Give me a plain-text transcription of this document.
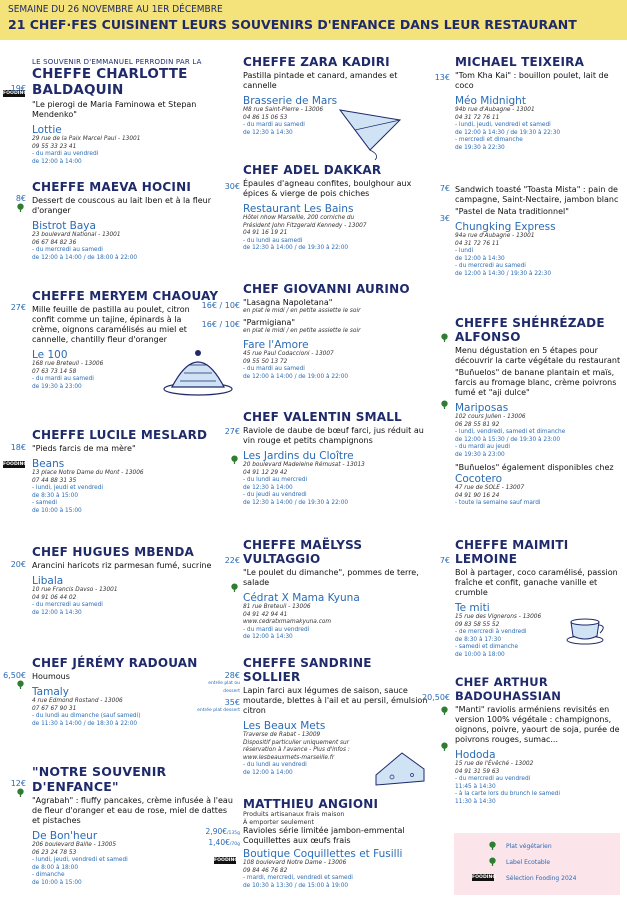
SEMAINE DU 26 NOVEMBRE AU 1ER DÉCEMBRE
21 CHEF·FES CUISINENT LEURS SOUVENIRS D'ENFANCE DANS LEUR RESTAURANT
FOODING
19€
LE SOUVENIR D'EMMANUEL PERRODIN PAR LA
CHEFFE CHARLOTTE BALDAQUIN
"Le pierogi de Maria Faminowa et Stepan Mendenko"
Lottie
29 rue de la Paix Marcel Paul - 13001
09 55 33 23 41
- du mardi au vendredi
de 12:00 à 14:00
8€
CHEFFE MAEVA HOCINI
Dessert de couscous au lait Iben et à la fleur d'oranger
Bistrot Baya
23 boulevard National - 13001
06 67 84 82 36
- du mercredi au samedi
de 12:00 à 14:00 / de 18:00 à 22:00
27€
CHEFFE MERYEM CHAOUAY
Mille feuille de pastilla au poulet, citron confit comme un tajine, épinards à la crème, oignons caramélisés au miel et cannelle, chantilly fleur d'oranger
Le 100
168 rue Breteuil - 13006
07 63 73 14 58
- du mardi au samedi
de 19:30 à 23:00
FOODING
18€
CHEFFE LUCILE MESLARD
"Pieds farcis de ma mère"
Beans
13 place Notre Dame du Mont - 13006
07 44 88 31 35
- lundi, jeudi et vendredi
de 8:30 à 15:00
- samedi
de 10:00 à 15:00
20€
CHEF HUGUES MBENDA
Arancini haricots riz parmesan fumé, sucrine
Libala
10 rue Francis Davso - 13001
04 91 06 44 02
- du mercredi au samedi
de 12:00 à 14:30
6,50€
CHEF JÉRÉMY RADOUAN
Houmous
Tamaly
4 rue Edmond Rostand - 13006
07 67 67 90 31
- du lundi au dimanche (sauf samedi)
de 11:30 à 14:00 / de 18:30 à 22:00
12€
"NOTRE SOUVENIR D'ENFANCE"
"Agrabah" : fluffy pancakes, crème infusée à l'eau de fleur d'oranger et eau de rose, miel de dattes et pistaches
De Bon'heur
206 boulevard Baille - 13005
06 23 24 78 53
- lundi, jeudi, vendredi et samedi
de 8:00 à 18:00
- dimanche
de 10:00 à 15:00
CHEFFE ZARA KADIRI
Pastilla pintade et canard, amandes et cannelle
Brasserie de Mars
M8 rue Saint-Pierre - 13006
04 86 15 06 53
- du mardi au samedi
de 12:30 à 14:30
30€
CHEF ADEL DAKKAR
Épaules d'agneau confites, boulghour aux épices & vierge de pois chiches
Restaurant Les Bains
Hôtel nhow Marseille, 200 corniche du
Président John Fitzgerald Kennedy - 13007
04 91 16 19 21
- du lundi au samedi
de 12:30 à 14:00 / de 19:30 à 22:00
16€ / 10€
16€ / 10€
CHEF GIOVANNI AURINO
"Lasagna Napoletana"
en plat le midi / en petite assiette le soir
"Parmigiana"
en plat le midi / en petite assiette le soir
Fare l'Amore
45 rue Paul Codaccioni - 13007
09 55 50 13 72
- du mardi au samedi
de 12:00 à 14:00 / de 19:00 à 22:00
27€
CHEF VALENTIN SMALL
Raviole de daube de bœuf farci, jus réduit au vin rouge et petits champignons
Les Jardins du Cloître
20 boulevard Madeleine Rémusat - 13013
04 91 12 29 42
- du lundi au mercredi
de 12:30 à 14:00
- du jeudi au vendredi
de 12:30 à 14:00 / de 19:30 à 22:00
22€
CHEFFE MAËLYSS VULTAGGIO
"Le poulet du dimanche", pommes de terre, salade
Cédrat X Mama Kyuna
81 rue Breteuil - 13006
04 91 42 94 41
www.cedratxmamakyuna.com
- du mardi au vendredi
de 12:00 à 14:30
28€
entrée plat ou dessert
35€
entrée plat dessert
CHEFFE SANDRINE SOLLIER
Lapin farci aux légumes de saison, sauce moutarde, blettes à l'ail et au persil, émulsion citron
Les Beaux Mets
Traverse de Rabat - 13009
Dispositif particulier uniquement sur
réservation à l'avance - Plus d'infos :
www.lesbeauxmets-marseille.fr
- du lundi au vendredi
de 12:00 à 14:00
2,90€/135g
1,40€/70g
FOODING
MATTHIEU ANGIONI
Produits artisanaux frais maison
À emporter seulement
Ravioles série limitée jambon-emmental Coquillettes aux œufs frais
Boutique Coquillettes et Fusilli
108 boulevard Notre Dame - 13006
09 84 46 76 82
- mardi, mercredi, vendredi et samedi
de 10:30 à 13:30 / de 15:00 à 19:00
13€
MICHAEL TEIXEIRA
"Tom Kha Kai" : bouillon poulet, lait de coco
Méo Midnight
94b rue d'Aubagne - 13001
04 31 72 76 11
- lundi, jeudi, vendredi et samedi
de 12:00 à 14:30 / de 19:30 à 22:30
- mercredi et dimanche
de 19:30 à 22:30
7€
3€
Sandwich toasté "Toasta Mista" : pain de campagne, Saint-Nectaire, jambon blanc
"Pastel de Nata traditionnel"
Chungking Express
94a rue d'Aubagne - 13001
04 31 72 76 11
- lundi
de 12:00 à 14:30
- du mercredi au samedi
de 12:00 à 14:30 / 19:30 à 22:30
CHEFFE SHÉHRÉZADE ALFONSO
Menu dégustation en 5 étapes pour découvrir la carte végétale du restaurant
"Buñuelos" de banane plantain et maïs, farcis au fromage blanc, crème poivrons fumé et "aji dulce"
Mariposas
102 cours Julien - 13006
06 28 55 81 92
- lundi, vendredi, samedi et dimanche
de 12:00 à 15:30 / de 19:30 à 23:00
- du mardi au jeudi
de 19:30 à 23:00
"Buñuelos" également disponibles chez
Cocotero
47 rue de SOLE - 13007
04 91 90 16 24
- toute la semaine sauf mardi
7€
CHEFFE MAIMITI LEMOINE
Bol à partager, coco caramélisé, passion fraîche et confit, ganache vanille et crumble
Te miti
15 rue des Vignerons - 13006
09 83 58 55 52
- de mercredi à vendredi
de 8:30 à 17:30
- samedi et dimanche
de 10:00 à 18:00
20,50€
CHEF ARTHUR BADOUHASSIAN
"Manti" raviolis arméniens revisités en version 100% végétale : champignons, oignons, poivre, yaourt de soja, purée de poivrons rouges, sumac...
Hododa
15 rue de l'Évêché - 13002
04 91 31 59 63
- du mercredi au vendredi
11:45 à 14:30
- à la carte lors du brunch le samedi
11:30 à 14:30
Plat végétarien
Label Ecotable
FOODING Sélection Fooding 2024
